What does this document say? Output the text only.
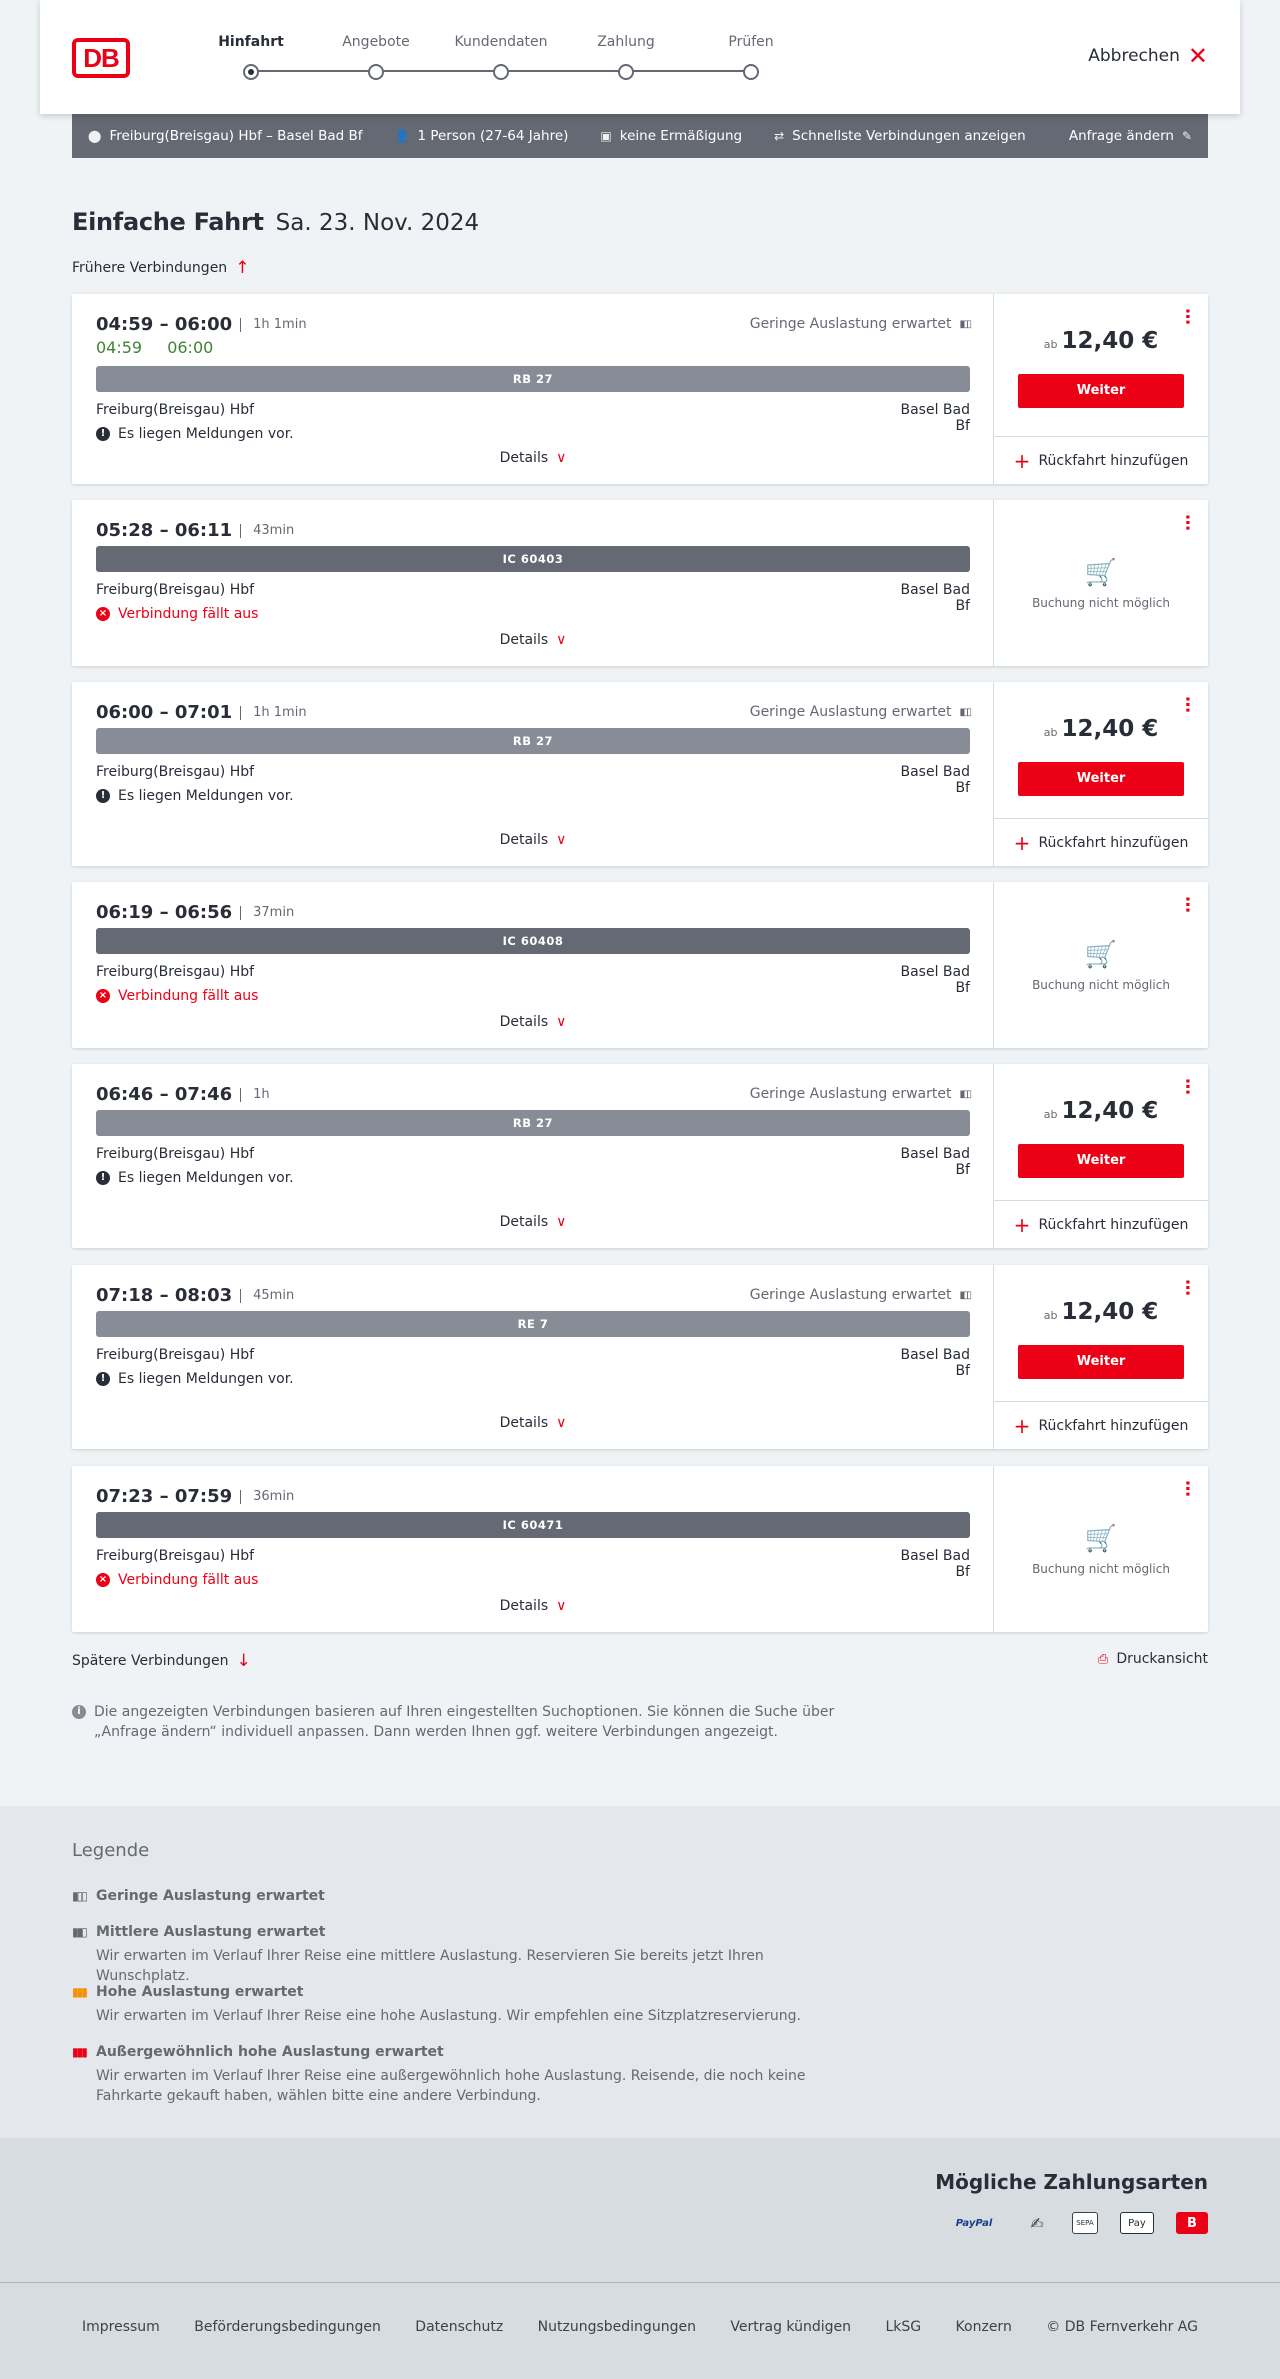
DB
Hinfahrt	Angebote	Kundendaten	Zahlung	Prüfen
Abbrechen ✕
⬤ Freiburg(Breisgau) Hbf – Basel Bad Bf	👤 1 Person (27-64 Jahre)	▣ keine Ermäßigung	⇄ Schnellste Verbindungen anzeigen	Anfrage ändern ✎
Einfache Fahrt Sa. 23. Nov. 2024
Frühere Verbindungen ↑
04:59 – 06:00	1h 1min
04:59 06:00
Geringe Auslastung erwartet ▮▯▯
RB 27
Freiburg(Breisgau) Hbf	Basel Bad Bf
! Es liegen Meldungen vor.
Details ∨
⋯
ab 12,40 €
Weiter
+ Rückfahrt hinzufügen
05:28 – 06:11	43min
IC 60403
Freiburg(Breisgau) Hbf	Basel Bad Bf
× Verbindung fällt aus
Details ∨
⋯
🛒
Buchung nicht möglich
06:00 – 07:01	1h 1min	Geringe Auslastung erwartet ▮▯▯
RB 27
Freiburg(Breisgau) Hbf	Basel Bad Bf
! Es liegen Meldungen vor.
Details ∨
⋯
ab 12,40 €
Weiter
+ Rückfahrt hinzufügen
06:19 – 06:56	37min
IC 60408
Freiburg(Breisgau) Hbf	Basel Bad Bf
× Verbindung fällt aus
Details ∨
⋯
🛒
Buchung nicht möglich
06:46 – 07:46	1h	Geringe Auslastung erwartet ▮▯▯
RB 27
Freiburg(Breisgau) Hbf	Basel Bad Bf
! Es liegen Meldungen vor.
Details ∨
⋯
ab 12,40 €
Weiter
+ Rückfahrt hinzufügen
07:18 – 08:03	45min	Geringe Auslastung erwartet ▮▯▯
RE 7
Freiburg(Breisgau) Hbf	Basel Bad Bf
! Es liegen Meldungen vor.
Details ∨
⋯
ab 12,40 €
Weiter
+ Rückfahrt hinzufügen
07:23 – 07:59	36min
IC 60471
Freiburg(Breisgau) Hbf	Basel Bad Bf
× Verbindung fällt aus
Details ∨
⋯
🛒
Buchung nicht möglich
Spätere Verbindungen ↓	⎙ Druckansicht
i Die angezeigten Verbindungen basieren auf Ihren eingestellten Suchoptionen. Sie können die Suche über „Anfrage ändern“ individuell anpassen. Dann werden Ihnen ggf. weitere Verbindungen angezeigt.
Legende
▮▯▯ Geringe Auslastung erwartet
▮▮▯ Mittlere Auslastung erwartet
Wir erwarten im Verlauf Ihrer Reise eine mittlere Auslastung. Reservieren Sie bereits jetzt Ihren Wunschplatz.
▮▮▮ Hohe Auslastung erwartet
Wir erwarten im Verlauf Ihrer Reise eine hohe Auslastung. Wir empfehlen eine Sitzplatzreservierung.
▮▮▮ Außergewöhnlich hohe Auslastung erwartet
Wir erwarten im Verlauf Ihrer Reise eine außergewöhnlich hohe Auslastung. Reisende, die noch keine Fahrkarte gekauft haben, wählen bitte eine andere Verbindung.
Mögliche Zahlungsarten
PayPal	✍	SEPA	Pay	B
Impressum Beförderungsbedingungen Datenschutz Nutzungsbedingungen Vertrag kündigen LkSG Konzern © DB Fernverkehr AG
